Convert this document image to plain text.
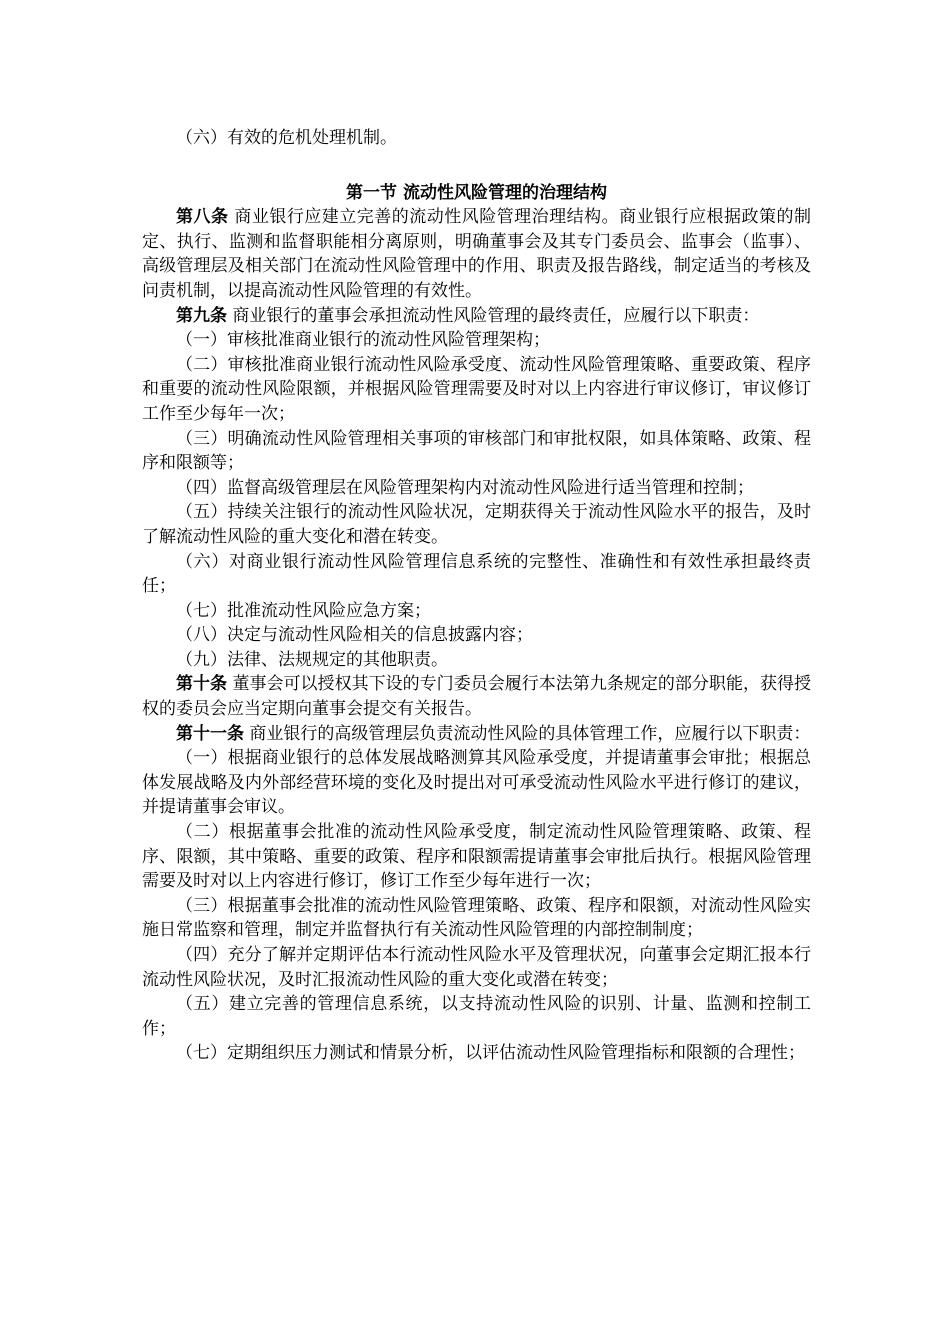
（六）有效的危机处理机制。

第一节 流动性风险管理的治理结构

第八条 商业银行应建立完善的流动性风险管理治理结构。商业银行应根据政策的制定、执行、监测和监督职能相分离原则，明确董事会及其专门委员会、监事会（监事）、高级管理层及相关部门在流动性风险管理中的作用、职责及报告路线，制定适当的考核及问责机制，以提高流动性风险管理的有效性。

第九条 商业银行的董事会承担流动性风险管理的最终责任，应履行以下职责：

（一）审核批准商业银行的流动性风险管理架构；

（二）审核批准商业银行流动性风险承受度、流动性风险管理策略、重要政策、程序和重要的流动性风险限额，并根据风险管理需要及时对以上内容进行审议修订，审议修订工作至少每年一次；

（三）明确流动性风险管理相关事项的审核部门和审批权限，如具体策略、政策、程序和限额等；

（四）监督高级管理层在风险管理架构内对流动性风险进行适当管理和控制；

（五）持续关注银行的流动性风险状况，定期获得关于流动性风险水平的报告，及时了解流动性风险的重大变化和潜在转变。

（六）对商业银行流动性风险管理信息系统的完整性、准确性和有效性承担最终责任；

（七）批准流动性风险应急方案；

（八）决定与流动性风险相关的信息披露内容；

（九）法律、法规规定的其他职责。

第十条 董事会可以授权其下设的专门委员会履行本法第九条规定的部分职能，获得授权的委员会应当定期向董事会提交有关报告。

第十一条 商业银行的高级管理层负责流动性风险的具体管理工作，应履行以下职责：

（一）根据商业银行的总体发展战略测算其风险承受度，并提请董事会审批；根据总体发展战略及内外部经营环境的变化及时提出对可承受流动性风险水平进行修订的建议，并提请董事会审议。

（二）根据董事会批准的流动性风险承受度，制定流动性风险管理策略、政策、程序、限额，其中策略、重要的政策、程序和限额需提请董事会审批后执行。根据风险管理需要及时对以上内容进行修订，修订工作至少每年进行一次；

（三）根据董事会批准的流动性风险管理策略、政策、程序和限额，对流动性风险实施日常监察和管理，制定并监督执行有关流动性风险管理的内部控制制度；

（四）充分了解并定期评估本行流动性风险水平及管理状况，向董事会定期汇报本行流动性风险状况，及时汇报流动性风险的重大变化或潜在转变；

（五）建立完善的管理信息系统，以支持流动性风险的识别、计量、监测和控制工作；

（七）定期组织压力测试和情景分析，以评估流动性风险管理指标和限额的合理性；
